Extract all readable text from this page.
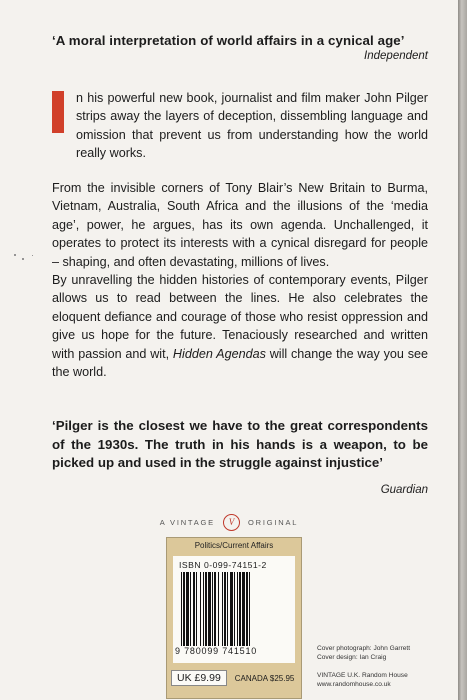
‘A moral interpretation of world affairs in a cynical age’
Independent
n his powerful new book, journalist and film maker John Pilger strips away the layers of deception, dissembling language and omission that prevent us from understanding how the world really works.
From the invisible corners of Tony Blair’s New Britain to Burma, Vietnam, Australia, South Africa and the illusions of the ‘media age’, power, he argues, has its own agenda. Unchallenged, it operates to protect its interests with a cynical disregard for people – shaping, and often devastating, millions of lives.
By unravelling the hidden histories of contemporary events, Pilger allows us to read between the lines. He also celebrates the eloquent defiance and courage of those who resist oppression and give us hope for the future. Tenaciously researched and written with passion and wit, Hidden Agendas will change the way you see the world.
‘Pilger is the closest we have to the great correspondents of the 1930s. The truth in his hands is a weapon, to be picked up and used in the struggle against injustice’
Guardian
A VINTAGE	V	ORIGINAL
Politics/Current Affairs
ISBN 0-099-74151-2
9 780099 741510
UK £9.99	CANADA $25.95
Cover photograph: John Garrett
Cover design: Ian Craig
VINTAGE U.K. Random House
www.randomhouse.co.uk
